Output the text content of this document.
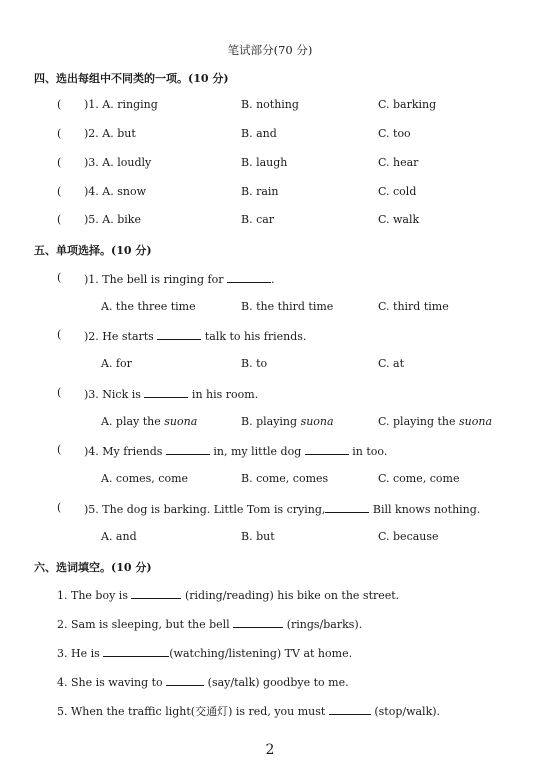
笔试部分(70 分)
四、选出每组中不同类的一项。(10 分)
( )1. A. ringing	B. nothing	C. barking
( )2. A. but	B. and	C. too
( )3. A. loudly	B. laugh	C. hear
( )4. A. snow	B. rain	C. cold
( )5. A. bike	B. car	C. walk
五、单项选择。(10 分)
( )1. The bell is ringing for	.
A. the three time	B. the third time	C. third time
( )2. He starts	talk to his friends.
A. for	B. to	C. at
( )3. Nick is	in his room.
A. play the suona	B. playing suona	C. playing the suona
( )4. My friends	in, my little dog	in too.
A. comes, come	B. come, comes	C. come, come
( )5. The dog is barking. Little Tom is crying,	Bill knows nothing.
A. and	B. but	C. because
六、选词填空。(10 分)
1. The boy is	(riding/reading) his bike on the street.
2. Sam is sleeping, but the bell	(rings/barks).
3. He is	(watching/listening) TV at home.
4. She is waving to	(say/talk) goodbye to me.
5. When the traffic light(交通灯) is red, you must	(stop/walk).
2
